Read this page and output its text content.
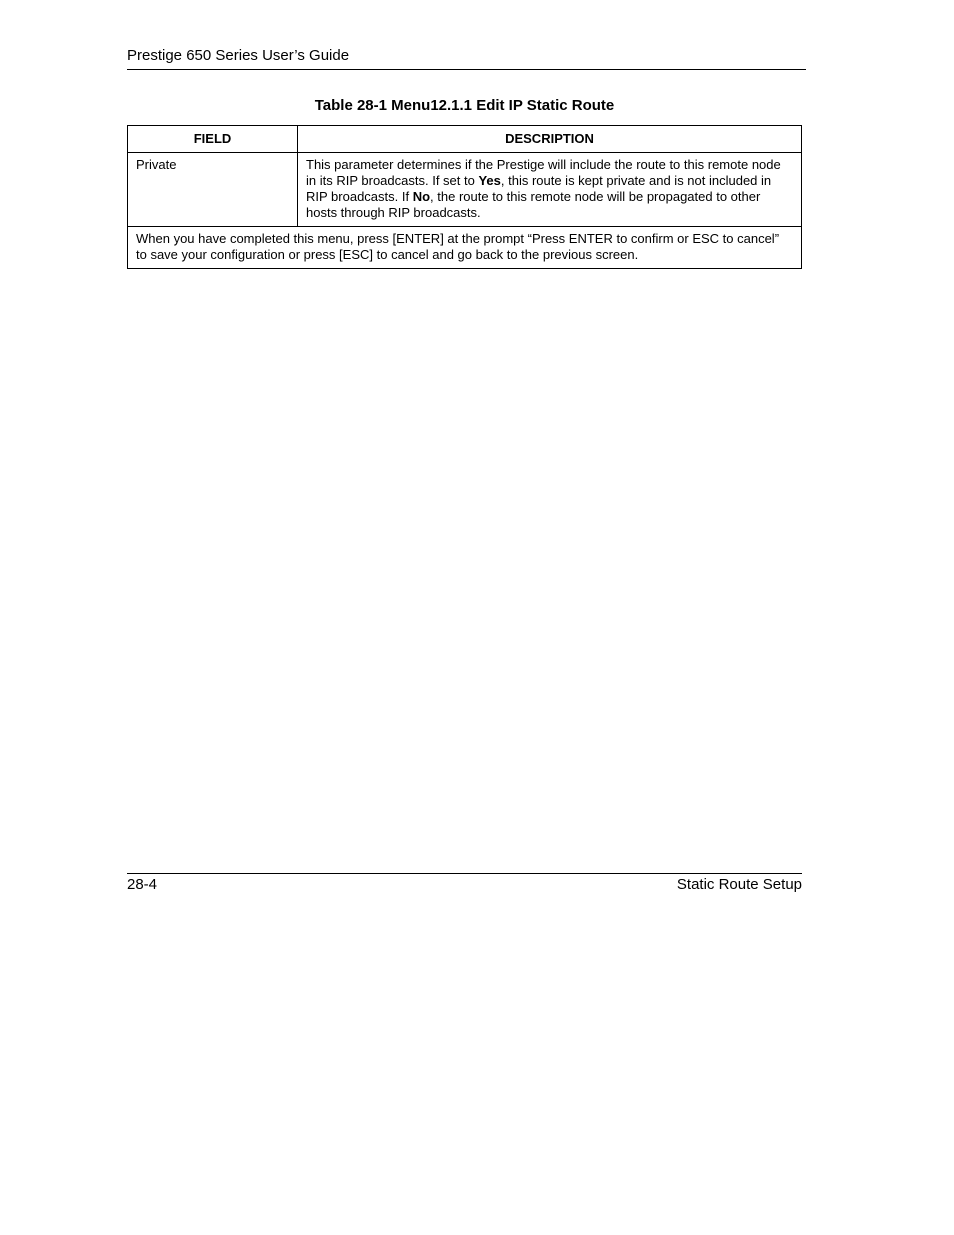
Prestige 650 Series User’s Guide
Table 28-1 Menu12.1.1 Edit IP Static Route
FIELD	DESCRIPTION
Private	This parameter determines if the Prestige will include the route to this remote node in its RIP broadcasts. If set to Yes, this route is kept private and is not included in RIP broadcasts. If No, the route to this remote node will be propagated to other hosts through RIP broadcasts.
When you have completed this menu, press [ENTER] at the prompt “Press ENTER to confirm or ESC to cancel” to save your configuration or press [ESC] to cancel and go back to the previous screen.	
28-4	Static Route Setup
